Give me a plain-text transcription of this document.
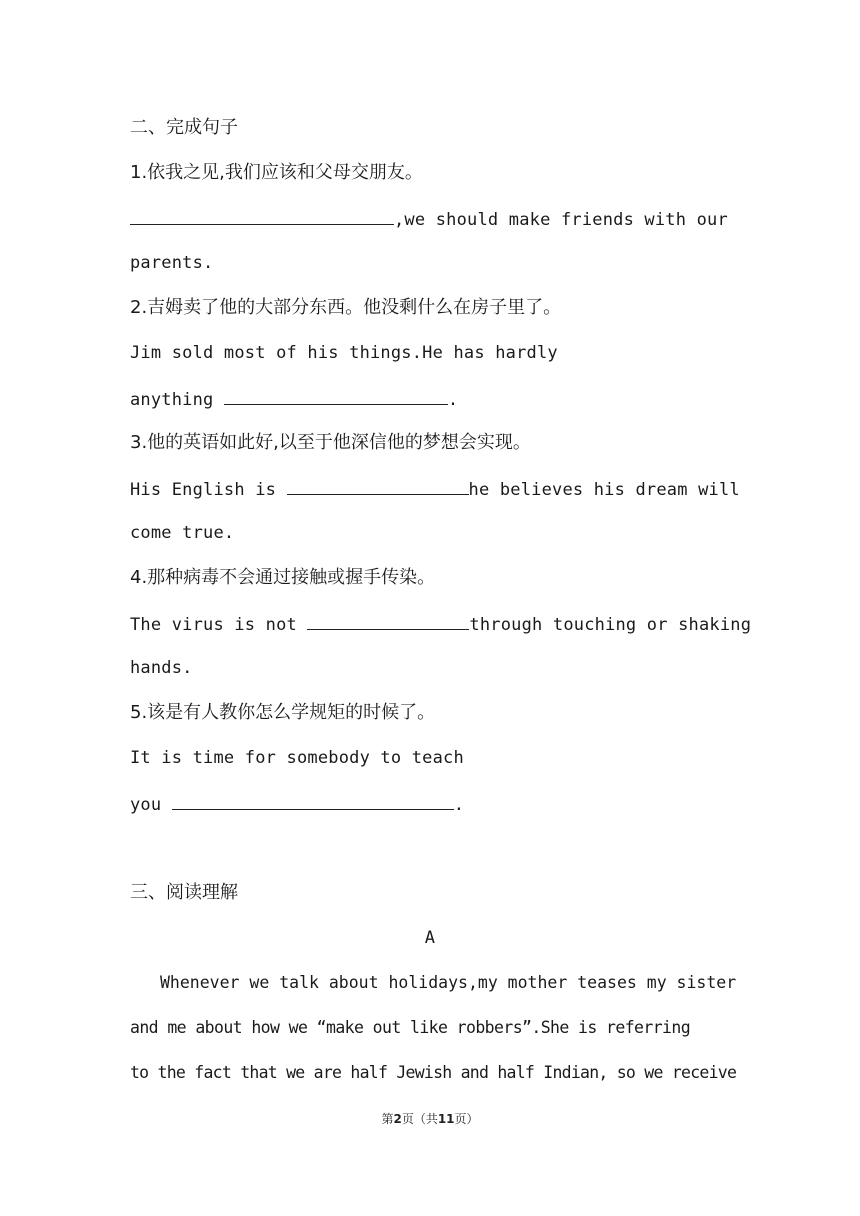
二、完成句子
1.依我之见,我们应该和父母交朋友。
,we should make friends with our
parents.
2.吉姆卖了他的大部分东西。他没剩什么在房子里了。
Jim sold most of his things.He has hardly
anything	.
3.他的英语如此好,以至于他深信他的梦想会实现。
His English is	he believes his dream will
come true.
4.那种病毒不会通过接触或握手传染。
The virus is not	through touching or shaking
hands.
5.该是有人教你怎么学规矩的时候了。
It is time for somebody to teach
you	.
三、阅读理解
A
Whenever we talk about holidays,my mother teases my sister
and me about how we “make out like robbers”.She is referring
to the fact that we are half Jewish and half Indian, so we receive
第2页（共11页）
